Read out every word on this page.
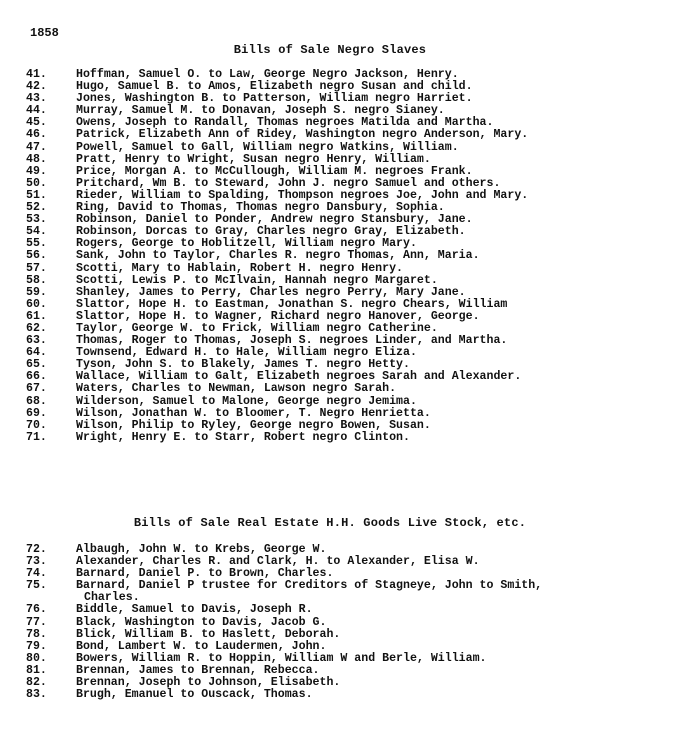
1858
Bills of Sale Negro Slaves
41.	Hoffman, Samuel O. to Law, George Negro Jackson, Henry.
42.	Hugo, Samuel B. to Amos, Elizabeth negro Susan and child.
43.	Jones, Washington B. to Patterson, William negro Harriet.
44.	Murray, Samuel M. to Donavan, Joseph S. negro Sianey.
45.	Owens, Joseph to Randall, Thomas negroes Matilda and Martha.
46.	Patrick, Elizabeth Ann of Ridey, Washington negro Anderson, Mary.
47.	Powell, Samuel to Gall, William negro Watkins, William.
48.	Pratt, Henry to Wright, Susan negro Henry, William.
49.	Price, Morgan A. to McCullough, William M. negroes Frank.
50.	Pritchard, Wm B. to Steward, John J. negro Samuel and others.
51.	Rieder, William to Spalding, Thompson negroes Joe, John and Mary.
52.	Ring, David to Thomas, Thomas negro Dansbury, Sophia.
53.	Robinson, Daniel to Ponder, Andrew negro Stansbury, Jane.
54.	Robinson, Dorcas to Gray, Charles negro Gray, Elizabeth.
55.	Rogers, George to Hoblitzell, William negro Mary.
56.	Sank, John to Taylor, Charles R. negro Thomas, Ann, Maria.
57.	Scotti, Mary to Hablain, Robert H. negro Henry.
58.	Scotti, Lewis P. to McIlvain, Hannah negro Margaret.
59.	Shanley, James to Perry, Charles negro Perry, Mary Jane.
60.	Slattor, Hope H. to Eastman, Jonathan S. negro Chears, William
61.	Slattor, Hope H. to Wagner, Richard negro Hanover, George.
62.	Taylor, George W. to Frick, William negro Catherine.
63.	Thomas, Roger to Thomas, Joseph S. negroes Linder, and Martha.
64.	Townsend, Edward H. to Hale, William negro Eliza.
65.	Tyson, John S. to Blakely, James T. negro Hetty.
66.	Wallace, William to Galt, Elizabeth negroes Sarah and Alexander.
67.	Waters, Charles to Newman, Lawson negro Sarah.
68.	Wilderson, Samuel to Malone, George negro Jemima.
69.	Wilson, Jonathan W. to Bloomer, T. Negro Henrietta.
70.	Wilson, Philip to Ryley, George negro Bowen, Susan.
71.	Wright, Henry E. to Starr, Robert negro Clinton.
Bills of Sale Real Estate H.H. Goods Live Stock, etc.
72.	Albaugh, John W. to Krebs, George W.
73.	Alexander, Charles R. and Clark, H. to Alexander, Elisa W.
74.	Barnard, Daniel P. to Brown, Charles.
75.	Barnard, Daniel P trustee for Creditors of Stagneye, John to Smith,
Charles.
76.	Biddle, Samuel to Davis, Joseph R.
77.	Black, Washington to Davis, Jacob G.
78.	Blick, William B. to Haslett, Deborah.
79.	Bond, Lambert W. to Laudermen, John.
80.	Bowers, William R. to Hoppin, William W and Berle, William.
81.	Brennan, James to Brennan, Rebecca.
82.	Brennan, Joseph to Johnson, Elisabeth.
83.	Brugh, Emanuel to Ouscack, Thomas.
